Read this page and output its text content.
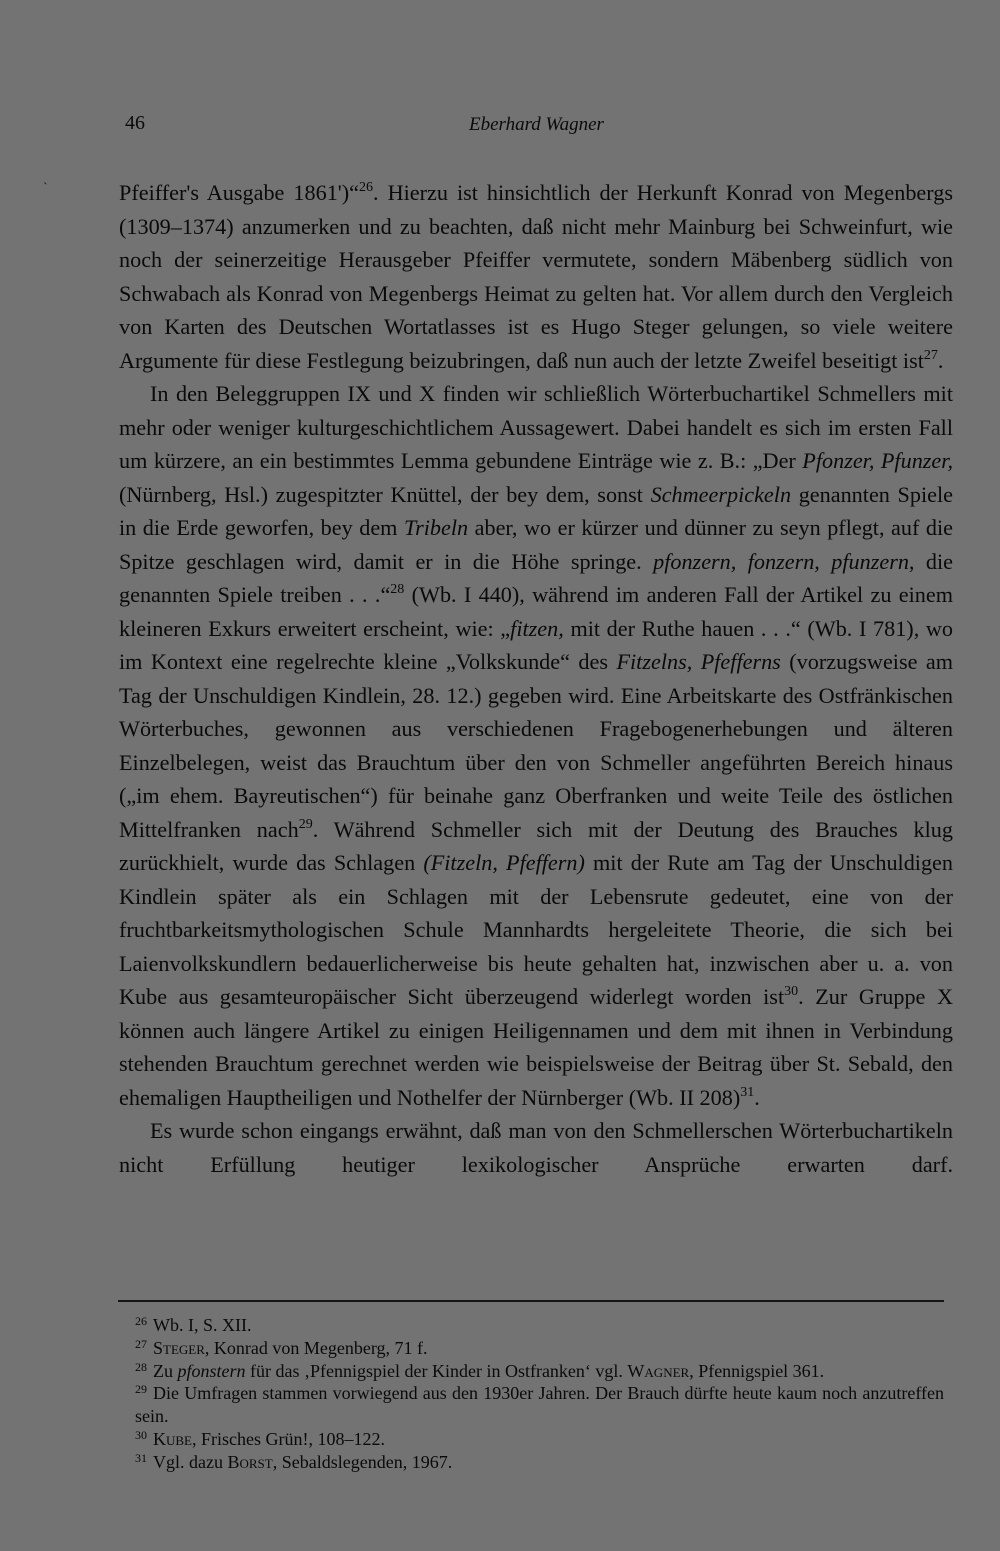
46	Eberhard Wagner
ˋ	Pfeiffer's Ausgabe 1861')“$^{26}$. Hierzu ist hinsichtlich der Herkunft Konrad von Megenbergs (1309–1374) anzumerken und zu beachten, daß nicht mehr Mainburg bei Schweinfurt, wie noch der seinerzeitige Herausgeber Pfeiffer vermutete, sondern Mäbenberg südlich von Schwabach als Konrad von Megenbergs Heimat zu gelten hat. Vor allem durch den Vergleich von Karten des Deutschen Wortatlasses ist es Hugo Steger gelungen, so viele weitere Argumente für diese Festlegung beizubringen, daß nun auch der letzte Zweifel beseitigt ist$^{27}$.

In den Beleggruppen IX und X finden wir schließlich Wörterbuchartikel Schmellers mit mehr oder weniger kulturgeschichtlichem Aussagewert. Dabei handelt es sich im ersten Fall um kürzere, an ein bestimmtes Lemma gebundene Einträge wie z. B.: „Der Pfonzer, Pfunzer, (Nürnberg, Hsl.) zugespitzter Knüttel, der bey dem, sonst Schmeerpickeln genannten Spiele in die Erde geworfen, bey dem Tribeln aber, wo er kürzer und dünner zu seyn pflegt, auf die Spitze geschlagen wird, damit er in die Höhe springe. pfonzern, fonzern, pfunzern, die genannten Spiele treiben . . .“$^{28}$ (Wb. I 440), während im anderen Fall der Artikel zu einem kleineren Exkurs erweitert erscheint, wie: „fitzen, mit der Ruthe hauen . . .“ (Wb. I 781), wo im Kontext eine regelrechte kleine „Volkskunde“ des Fitzelns, Pfefferns (vorzugsweise am Tag der Unschuldigen Kindlein, 28. 12.) gegeben wird. Eine Arbeitskarte des Ostfränkischen Wörterbuches, gewonnen aus verschiedenen Fragebogenerhebungen und älteren Einzelbelegen, weist das Brauchtum über den von Schmeller angeführten Bereich hinaus („im ehem. Bayreutischen“) für beinahe ganz Oberfranken und weite Teile des östlichen Mittelfranken nach$^{29}$. Während Schmeller sich mit der Deutung des Brauches klug zurückhielt, wurde das Schlagen (Fitzeln, Pfeffern) mit der Rute am Tag der Unschuldigen Kindlein später als ein Schlagen mit der Lebensrute gedeutet, eine von der fruchtbarkeitsmythologischen Schule Mannhardts hergeleitete Theorie, die sich bei Laienvolkskundlern bedauerlicherweise bis heute gehalten hat, inzwischen aber u. a. von Kube aus gesamteuropäischer Sicht überzeugend widerlegt worden ist$^{30}$. Zur Gruppe X können auch längere Artikel zu einigen Heiligennamen und dem mit ihnen in Verbindung stehenden Brauchtum gerechnet werden wie beispielsweise der Beitrag über St. Sebald, den ehemaligen Hauptheiligen und Nothelfer der Nürnberger (Wb. II 208)$^{31}$.

Es wurde schon eingangs erwähnt, daß man von den Schmellerschen Wörterbuchartikeln nicht Erfüllung heutiger lexikologischer Ansprüche erwarten darf.

$^{26}$ Wb. I, S. XII.

$^{27}$ Steger, Konrad von Megenberg, 71 f.

$^{28}$ Zu pfonstern für das ‚Pfennigspiel der Kinder in Ostfranken‘ vgl. Wagner, Pfennigspiel 361.

$^{29}$ Die Umfragen stammen vorwiegend aus den 1930er Jahren. Der Brauch dürfte heute kaum noch anzutreffen sein.

$^{30}$ Kube, Frisches Grün!, 108–122.

$^{31}$ Vgl. dazu Borst, Sebaldslegenden, 1967.
